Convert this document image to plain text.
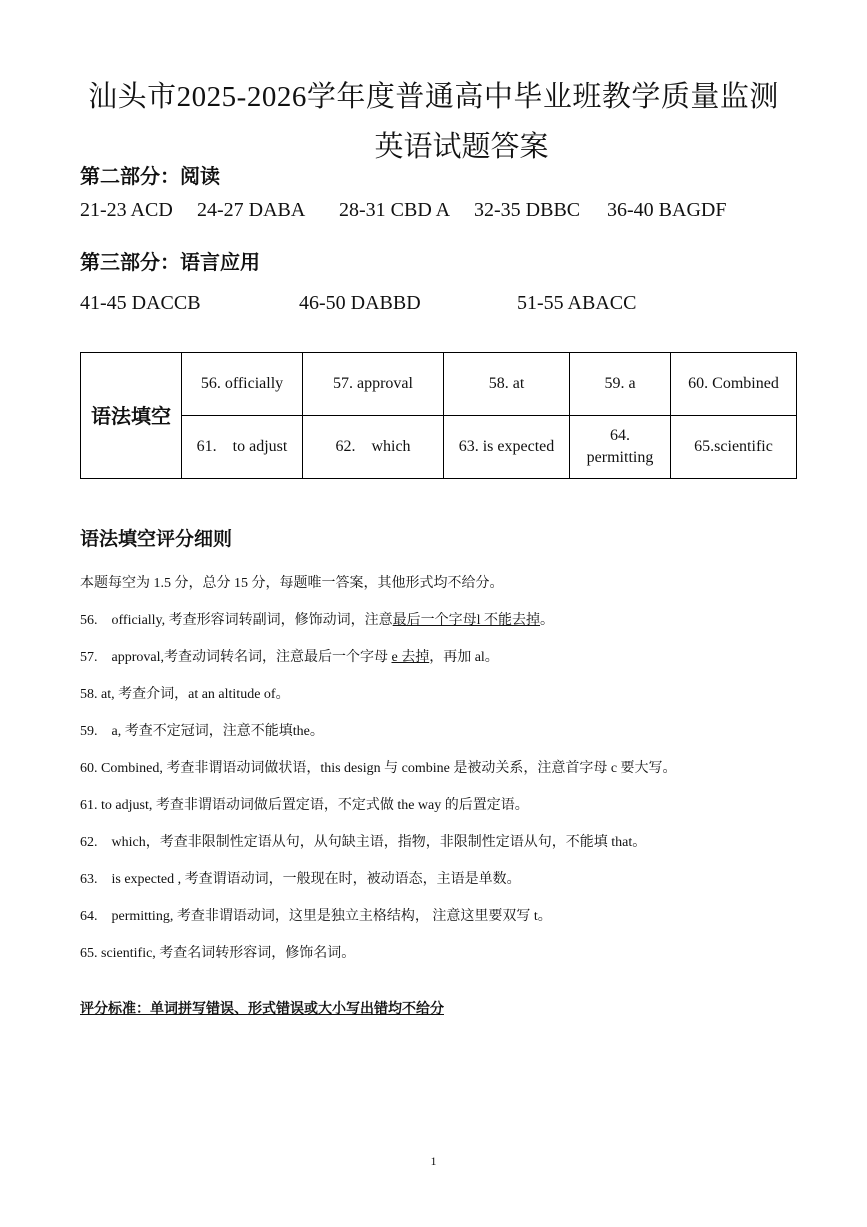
汕头市2025-2026学年度普通高中毕业班教学质量监测
英语试题答案
第二部分：阅读
21-23 ACD 24-27 DABA 28-31 CBD A 32-35 DBBC 36-40 BAGDF
第三部分：语言应用
41-45 DACCB	46-50 DABBD	51-55 ABACC
语法填空	56. officially	57. approval	58. at	59. a	60. Combined
	61.    to adjust	62.    which	63. is expected	64.
permitting	65.scientific
语法填空评分细则
本题每空为 1.5 分，总分 15 分，每题唯一答案，其他形式均不给分。
56.    officially, 考查形容词转副词，修饰动词，注意最后一个字母l 不能去掉。
57.    approval,考查动词转名词，注意最后一个字母 e 去掉，再加 al。
58. at, 考查介词，at an altitude of。
59.    a, 考查不定冠词，注意不能填the。
60. Combined, 考查非谓语动词做状语，this design 与 combine 是被动关系，注意首字母 c 要大写。
61. to adjust, 考查非谓语动词做后置定语，不定式做 the way 的后置定语。
62.    which，考查非限制性定语从句，从句缺主语，指物，非限制性定语从句，不能填 that。
63.    is expected , 考查谓语动词，一般现在时，被动语态，主语是单数。
64.    permitting, 考查非谓语动词，这里是独立主格结构， 注意这里要双写 t。
65. scientific, 考查名词转形容词，修饰名词。
评分标准：单词拼写错误、形式错误或大小写出错均不给分
1
